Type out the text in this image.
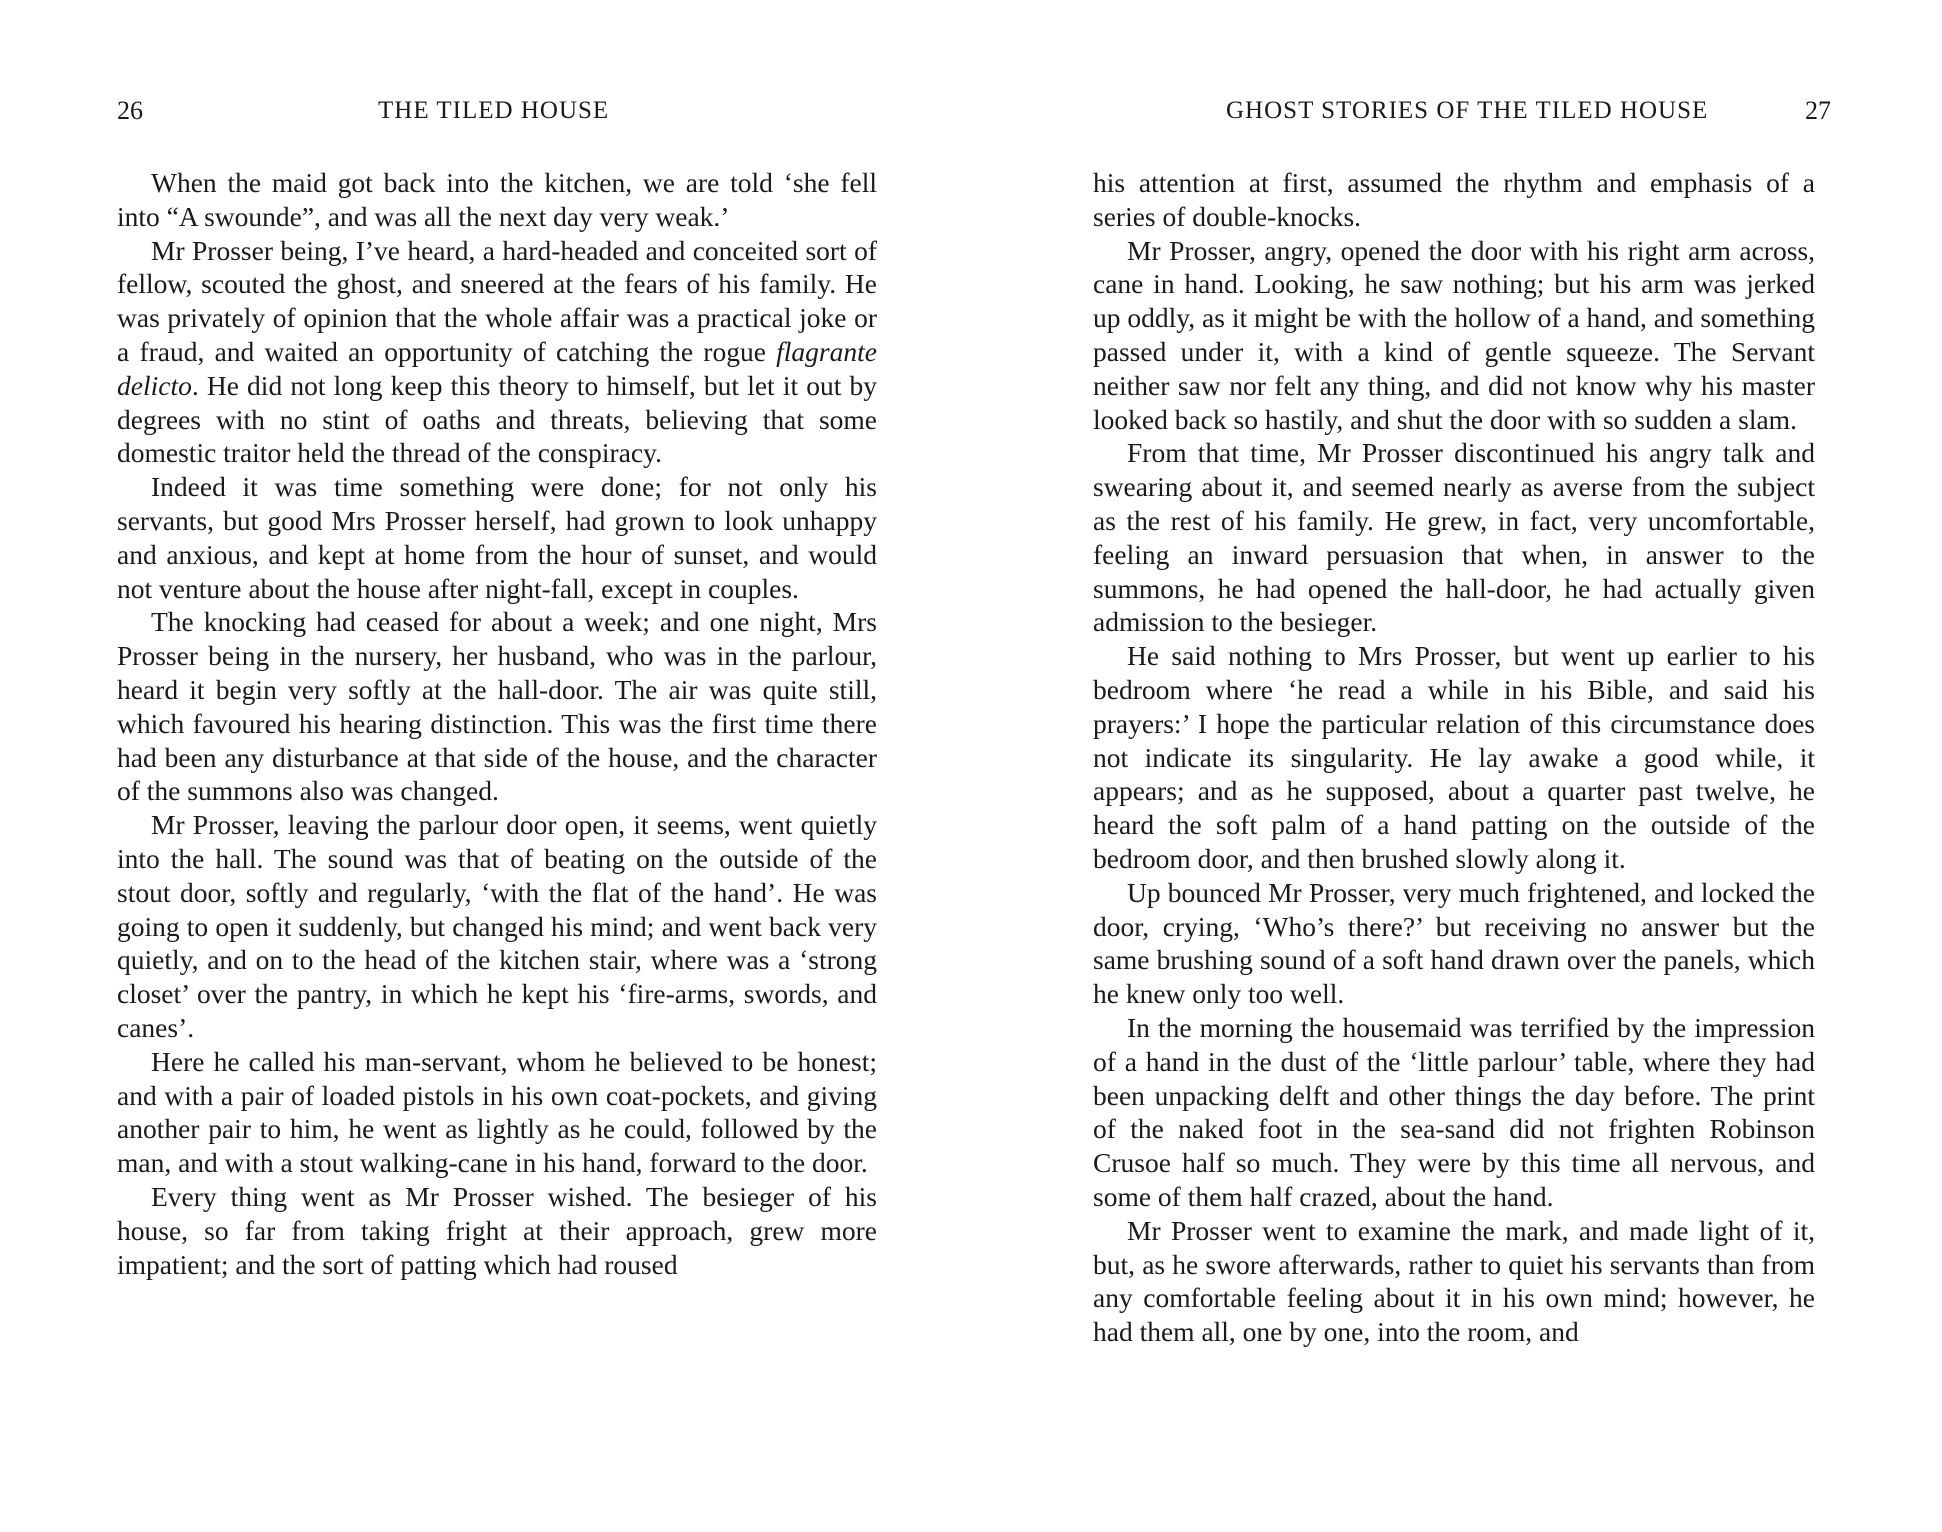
26	THE TILED HOUSE

When the maid got back into the kitchen, we are told ‘she fell into “A swounde”, and was all the next day very weak.’

Mr Prosser being, I’ve heard, a hard-headed and conceited sort of fellow, scouted the ghost, and sneered at the fears of his family. He was privately of opinion that the whole affair was a practical joke or a fraud, and waited an opportunity of catching the rogue flagrante delicto. He did not long keep this theory to himself, but let it out by degrees with no stint of oaths and threats, believing that some domestic traitor held the thread of the conspiracy.

Indeed it was time something were done; for not only his servants, but good Mrs Prosser herself, had grown to look unhappy and anxious, and kept at home from the hour of sunset, and would not venture about the house after night-fall, except in couples.

The knocking had ceased for about a week; and one night, Mrs Prosser being in the nursery, her husband, who was in the parlour, heard it begin very softly at the hall-door. The air was quite still, which favoured his hearing distinction. This was the first time there had been any disturbance at that side of the house, and the character of the summons also was changed.

Mr Prosser, leaving the parlour door open, it seems, went quietly into the hall. The sound was that of beating on the outside of the stout door, softly and regularly, ‘with the flat of the hand’. He was going to open it suddenly, but changed his mind; and went back very quietly, and on to the head of the kitchen stair, where was a ‘strong closet’ over the pantry, in which he kept his ‘fire-arms, swords, and canes’.

Here he called his man-servant, whom he believed to be honest; and with a pair of loaded pistols in his own coat-pockets, and giving another pair to him, he went as lightly as he could, followed by the man, and with a stout walking-cane in his hand, forward to the door.

Every thing went as Mr Prosser wished. The besieger of his house, so far from taking fright at their approach, grew more impatient; and the sort of patting which had roused

GHOST STORIES OF THE TILED HOUSE	27

his attention at first, assumed the rhythm and emphasis of a series of double-knocks.

Mr Prosser, angry, opened the door with his right arm across, cane in hand. Looking, he saw nothing; but his arm was jerked up oddly, as it might be with the hollow of a hand, and something passed under it, with a kind of gentle squeeze. The Servant neither saw nor felt any thing, and did not know why his master looked back so hastily, and shut the door with so sudden a slam.

From that time, Mr Prosser discontinued his angry talk and swearing about it, and seemed nearly as averse from the subject as the rest of his family. He grew, in fact, very uncomfortable, feeling an inward persuasion that when, in answer to the summons, he had opened the hall-door, he had actually given admission to the besieger.

He said nothing to Mrs Prosser, but went up earlier to his bedroom where ‘he read a while in his Bible, and said his prayers:’ I hope the particular relation of this circumstance does not indicate its singularity. He lay awake a good while, it appears; and as he supposed, about a quarter past twelve, he heard the soft palm of a hand patting on the outside of the bedroom door, and then brushed slowly along it.

Up bounced Mr Prosser, very much frightened, and locked the door, crying, ‘Who’s there?’ but receiving no answer but the same brushing sound of a soft hand drawn over the panels, which he knew only too well.

In the morning the housemaid was terrified by the impression of a hand in the dust of the ‘little parlour’ table, where they had been unpacking delft and other things the day before. The print of the naked foot in the sea-sand did not frighten Robinson Crusoe half so much. They were by this time all nervous, and some of them half crazed, about the hand.

Mr Prosser went to examine the mark, and made light of it, but, as he swore afterwards, rather to quiet his servants than from any comfortable feeling about it in his own mind; however, he had them all, one by one, into the room, and
